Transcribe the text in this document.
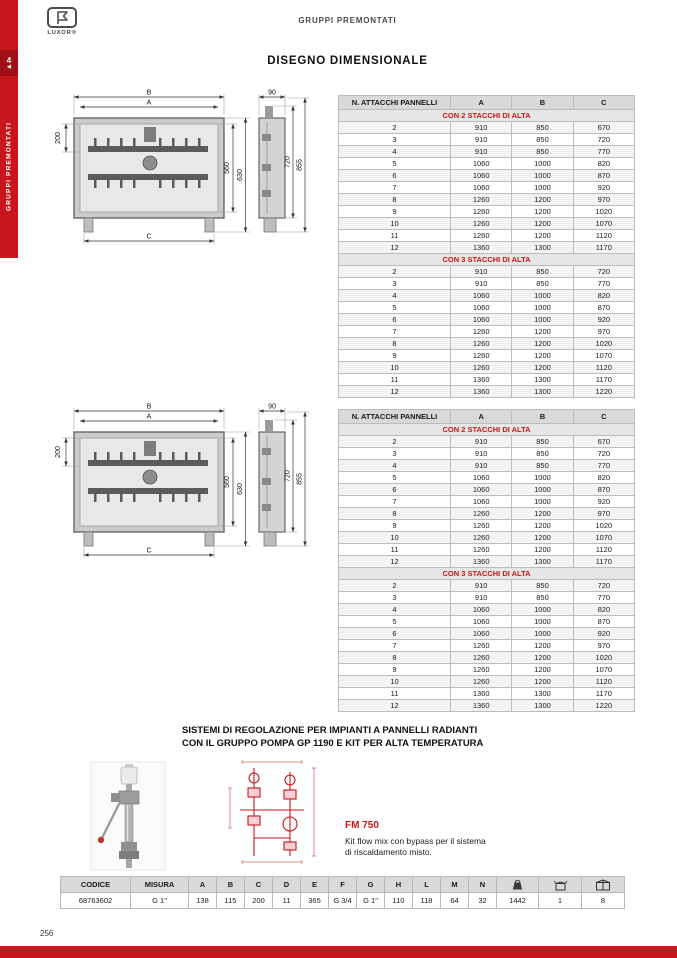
4
◀
GRUPPI PREMONTATI
LUXOR®
GRUPPI PREMONTATI
DISEGNO DIMENSIONALE
B
A
200
560
630
C
90
720 855
B
A
200
560
630
C
90
720 855
N. ATTACCHI PANNELLI	A	B	C
CON 2 STACCHI DI ALTA			
2	910	850	670
3	910	850	720
4	910	850	770
5	1060	1000	820
6	1060	1000	870
7	1060	1000	920
8	1260	1200	970
9	1260	1200	1020
10	1260	1200	1070
11	1260	1200	1120
12	1360	1300	1170
CON 3 STACCHI DI ALTA			
2	910	850	720
3	910	850	770
4	1060	1000	820
5	1060	1000	870
6	1060	1000	920
7	1260	1200	970
8	1260	1200	1020
9	1260	1200	1070
10	1260	1200	1120
11	1360	1300	1170
12	1360	1300	1220
N. ATTACCHI PANNELLI	A	B	C
CON 2 STACCHI DI ALTA			
2	910	850	670
3	910	850	720
4	910	850	770
5	1060	1000	820
6	1060	1000	870
7	1060	1000	920
8	1260	1200	970
9	1260	1200	1020
10	1260	1200	1070
11	1260	1200	1120
12	1360	1300	1170
CON 3 STACCHI DI ALTA			
2	910	850	720
3	910	850	770
4	1060	1000	820
5	1060	1000	870
6	1060	1000	920
7	1260	1200	970
8	1260	1200	1020
9	1260	1200	1070
10	1260	1200	1120
11	1360	1300	1170
12	1360	1300	1220
SISTEMI DI REGOLAZIONE PER IMPIANTI A PANNELLI RADIANTI
CON IL GRUPPO POMPA GP 1190 E KIT PER ALTA TEMPERATURA
FM 750
Kit flow mix con bypass per il sistema
di riscaldamento misto.
CODICE	MISURA	A	B	C	D	E	F	G	H	L	M	N			
68763602	G 1"	138	115	200	11	365	G 3/4	G 1"	110	118	64	32	1442	1	8
256
